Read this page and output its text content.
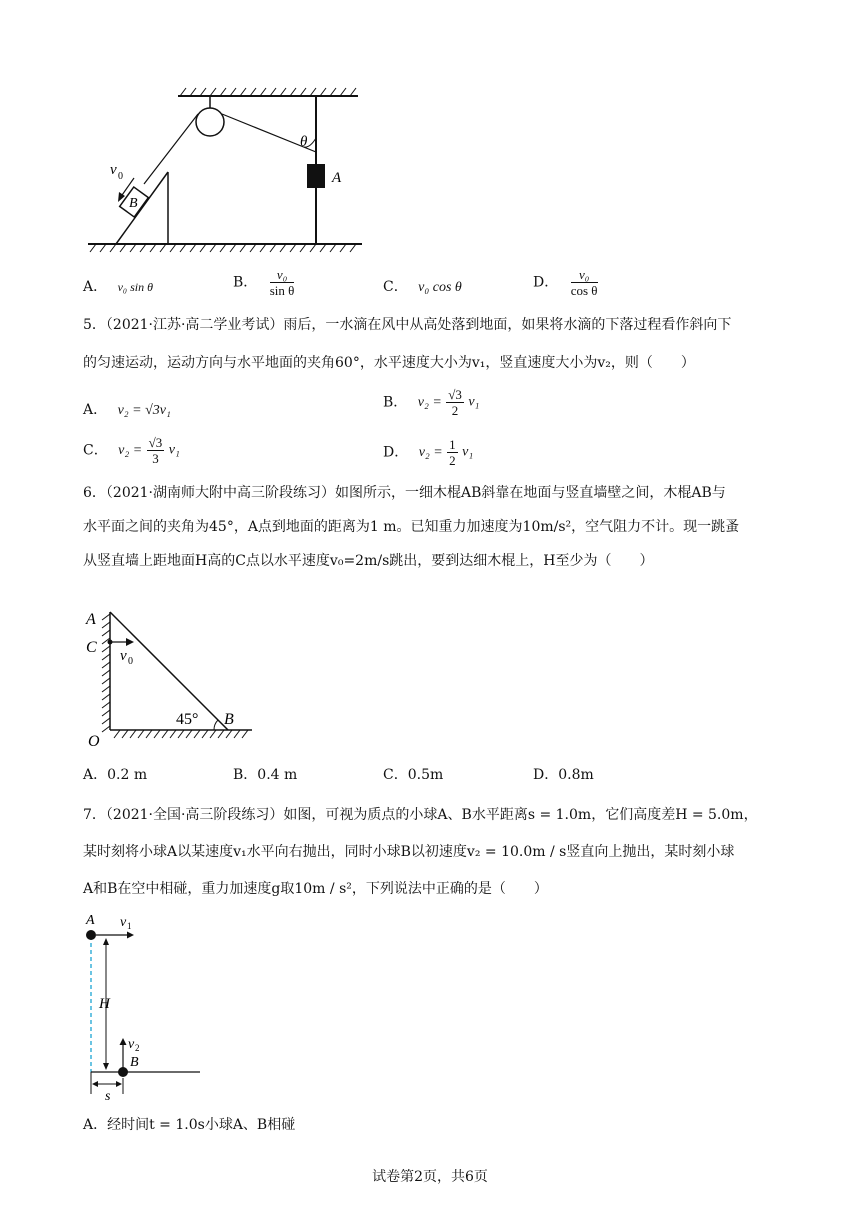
θ
A
B
v 0
A． v₀ sin θ	B． $\frac{\text{v₀}}{\text{sin θ}}$	C． v₀ cos θ	D． $\frac{\text{v₀}}{\text{cos θ}}$
5．（2021·江苏·高二学业考试）雨后，一水滴在风中从高处落到地面，如果将水滴的下落过程看作斜向下
的匀速运动，运动方向与水平地面的夹角60°，水平速度大小为v₁，竖直速度大小为v₂，则（　　）
A． v₂ = √3v₁	B． $v_2 = \frac{√3}{2} v_1$
C． $v_2 = \frac{√3}{3} v_1$	D． $v_2 = \frac{1}{2} v_1$
6．（2021·湖南师大附中高三阶段练习）如图所示，一细木棍AB斜靠在地面与竖直墙壁之间，木棍AB与
水平面之间的夹角为45°，A点到地面的距离为1 m。已知重力加速度为10m/s²，空气阻力不计。现一跳蚤
从竖直墙上距地面H高的C点以水平速度v₀=2m/s跳出，要到达细木棍上，H至少为（　　）
A
C v 0
45° B
O
A．0.2 m	B．0.4 m	C．0.5m	D．0.8m
7．（2021·全国·高三阶段练习）如图，可视为质点的小球A、B水平距离s = 1.0m，它们高度差H = 5.0m，
某时刻将小球A以某速度v₁水平向右抛出，同时小球B以初速度v₂ = 10.0m / s竖直向上抛出，某时刻小球
A和B在空中相碰，重力加速度g取10m / s²，下列说法中正确的是（　　）
A v 1
H
v 2
B
s
A．经时间t = 1.0s小球A、B相碰
试卷第2页，共6页
